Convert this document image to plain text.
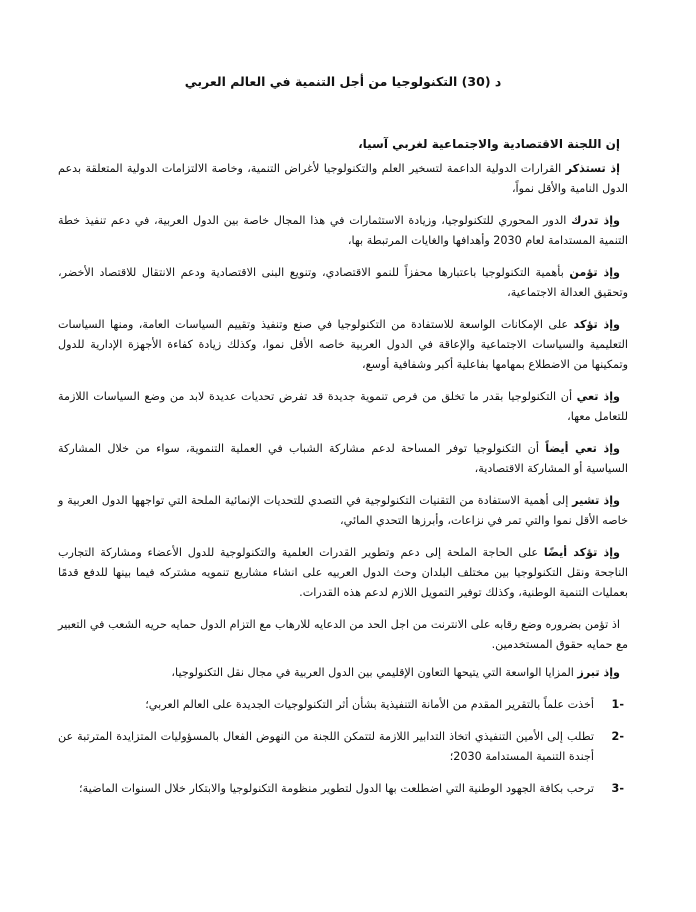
د (30) التكنولوجيا من أجل التنمية في العالم العربي
إن اللجنة الاقتصادية والاجتماعية لغربي آسيا،

إذ تستذكر القرارات الدولية الداعمة لتسخير العلم والتكنولوجيا لأغراض التنمية، وخاصة الالتزامات الدولية المتعلقة بدعم الدول النامية والأقل نمواً،

وإذ تدرك الدور المحوري للتكنولوجيا، وزيادة الاستثمارات في هذا المجال خاصة بين الدول العربية، في دعم تنفيذ خطة التنمية المستدامة لعام 2030 وأهدافها والغايات المرتبطة بها،

وإذ تؤمن بأهمية التكنولوجيا باعتبارها محفزاً للنمو الاقتصادي، وتنويع البنى الاقتصادية ودعم الانتقال للاقتصاد الأخضر، وتحقيق العدالة الاجتماعية،

وإذ تؤكد على الإمكانات الواسعة للاستفادة من التكنولوجيا في صنع وتنفيذ وتقييم السياسات العامة، ومنها السياسات التعليمية والسياسات الاجتماعية والإعاقة في الدول العربية خاصه الأقل نموا، وكذلك زيادة كفاءة الأجهزة الإدارية للدول وتمكينها من الاضطلاع بمهامها بفاعلية أكبر وشفافية أوسع،

وإذ تعي أن التكنولوجيا بقدر ما تخلق من فرص تنموية جديدة قد تفرض تحديات عديدة لابد من وضع السياسات اللازمة للتعامل معها،

وإذ تعي أيضاً أن التكنولوجيا توفر المساحة لدعم مشاركة الشباب في العملية التنموية، سواء من خلال المشاركة السياسية أو المشاركة الاقتصادية،

وإذ تشير إلى أهمية الاستفادة من التقنيات التكنولوجية في التصدي للتحديات الإنمائية الملحة التي تواجهها الدول العربية و خاصه الأقل نموا والتي تمر في نزاعات، وأبرزها التحدي المائي،

وإذ تؤكد أيضًا على الحاجة الملحة إلى دعم وتطوير القدرات العلمية والتكنولوجية للدول الأعضاء ومشاركة التجارب الناجحة ونقل التكنولوجيا بين مختلف البلدان وحث الدول العربيه على انشاء مشاريع تنمويه مشتركه فيما بينها للدفع قدمًا بعمليات التنمية الوطنية، وكذلك توفير التمويل اللازم لدعم هذه القدرات.

اذ تؤمن بضروره وضع رقابه على الانترنت من اجل الحد من الدعايه للارهاب مع التزام الدول حمايه حريه الشعب في التعبير مع حمايه حقوق المستخدمين.

وإذ تبرز المزايا الواسعة التي يتيحها التعاون الإقليمي بين الدول العربية في مجال نقل التكنولوجيا،

-1
أخذت علماً بالتقرير المقدم من الأمانة التنفيذية بشأن أثر التكنولوجيات الجديدة على العالم العربي؛
-2
تطلب إلى الأمين التنفيذي اتخاذ التدابير اللازمة لتتمكن اللجنة من النهوض الفعال بالمسؤوليات المتزايدة المترتبة عن أجندة التنمية المستدامة 2030؛
-3
ترحب بكافة الجهود الوطنية التي اضطلعت بها الدول لتطوير منظومة التكنولوجيا والابتكار خلال السنوات الماضية؛
